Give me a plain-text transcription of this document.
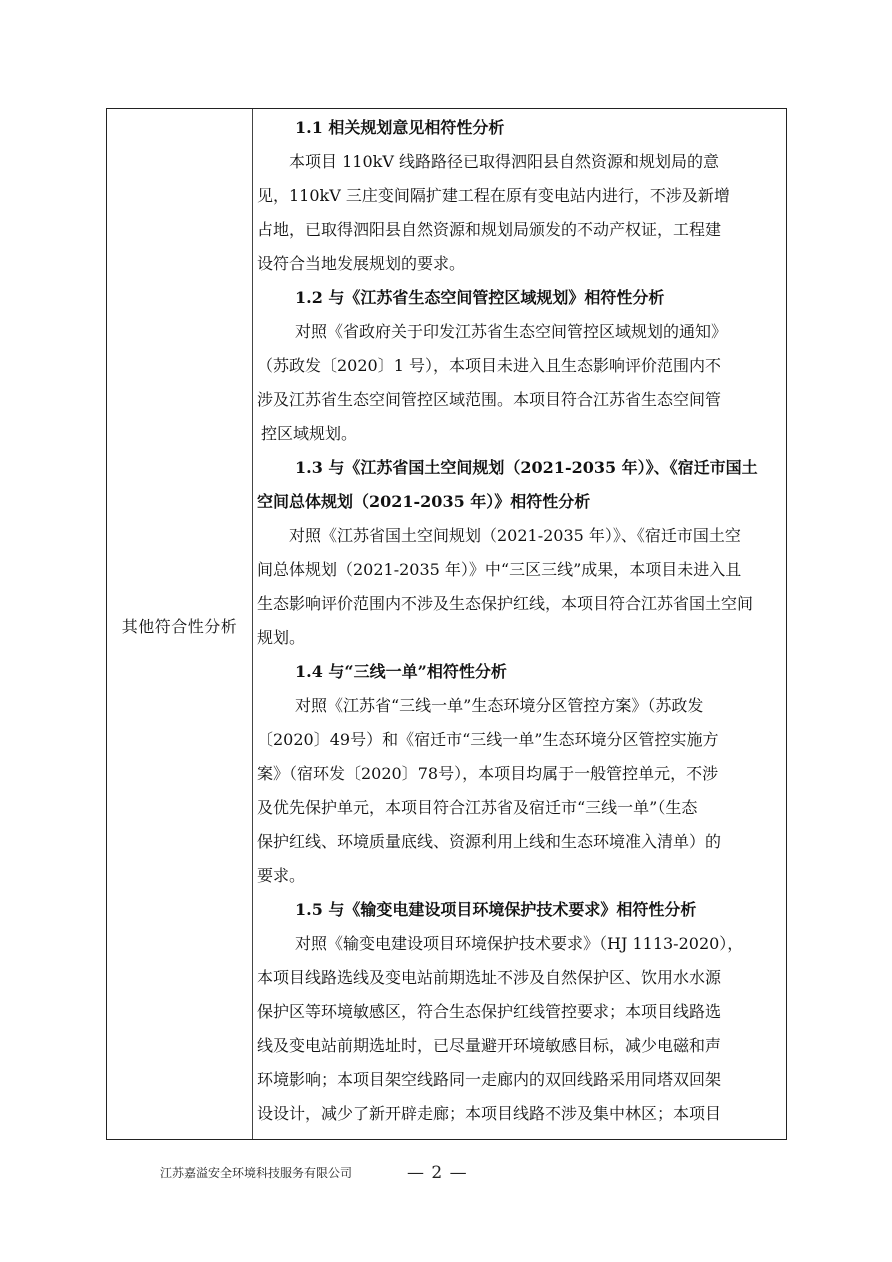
其他符合性分析
1.1 相关规划意见相符性分析
本项目 110kV 线路路径已取得泗阳县自然资源和规划局的意
见，110kV 三庄变间隔扩建工程在原有变电站内进行，不涉及新增
占地，已取得泗阳县自然资源和规划局颁发的不动产权证，工程建
设符合当地发展规划的要求。
1.2 与《江苏省生态空间管控区域规划》相符性分析
对照《省政府关于印发江苏省生态空间管控区域规划的通知》
（苏政发〔2020〕1 号），本项目未进入且生态影响评价范围内不
涉及江苏省生态空间管控区域范围。本项目符合江苏省生态空间管
控区域规划。
1.3 与《江苏省国土空间规划（2021-2035 年）》、《宿迁市国土
空间总体规划（2021-2035 年）》相符性分析
对照《江苏省国土空间规划（2021-2035 年）》、《宿迁市国土空
间总体规划（2021-2035 年）》中“三区三线”成果，本项目未进入且
生态影响评价范围内不涉及生态保护红线，本项目符合江苏省国土空间
规划。
1.4 与“三线一单”相符性分析
对照《江苏省“三线一单”生态环境分区管控方案》（苏政发
〔2020〕49号）和《宿迁市“三线一单”生态环境分区管控实施方
案》（宿环发〔2020〕78号），本项目均属于一般管控单元，不涉
及优先保护单元，本项目符合江苏省及宿迁市“三线一单”（生态
保护红线、环境质量底线、资源利用上线和生态环境准入清单）的
要求。
1.5 与《输变电建设项目环境保护技术要求》相符性分析
对照《输变电建设项目环境保护技术要求》（HJ 1113-2020），
本项目线路选线及变电站前期选址不涉及自然保护区、饮用水水源
保护区等环境敏感区，符合生态保护红线管控要求；本项目线路选
线及变电站前期选址时，已尽量避开环境敏感目标，减少电磁和声
环境影响；本项目架空线路同一走廊内的双回线路采用同塔双回架
设设计，减少了新开辟走廊；本项目线路不涉及集中林区；本项目
江苏嘉溢安全环境科技服务有限公司	— 2 —
